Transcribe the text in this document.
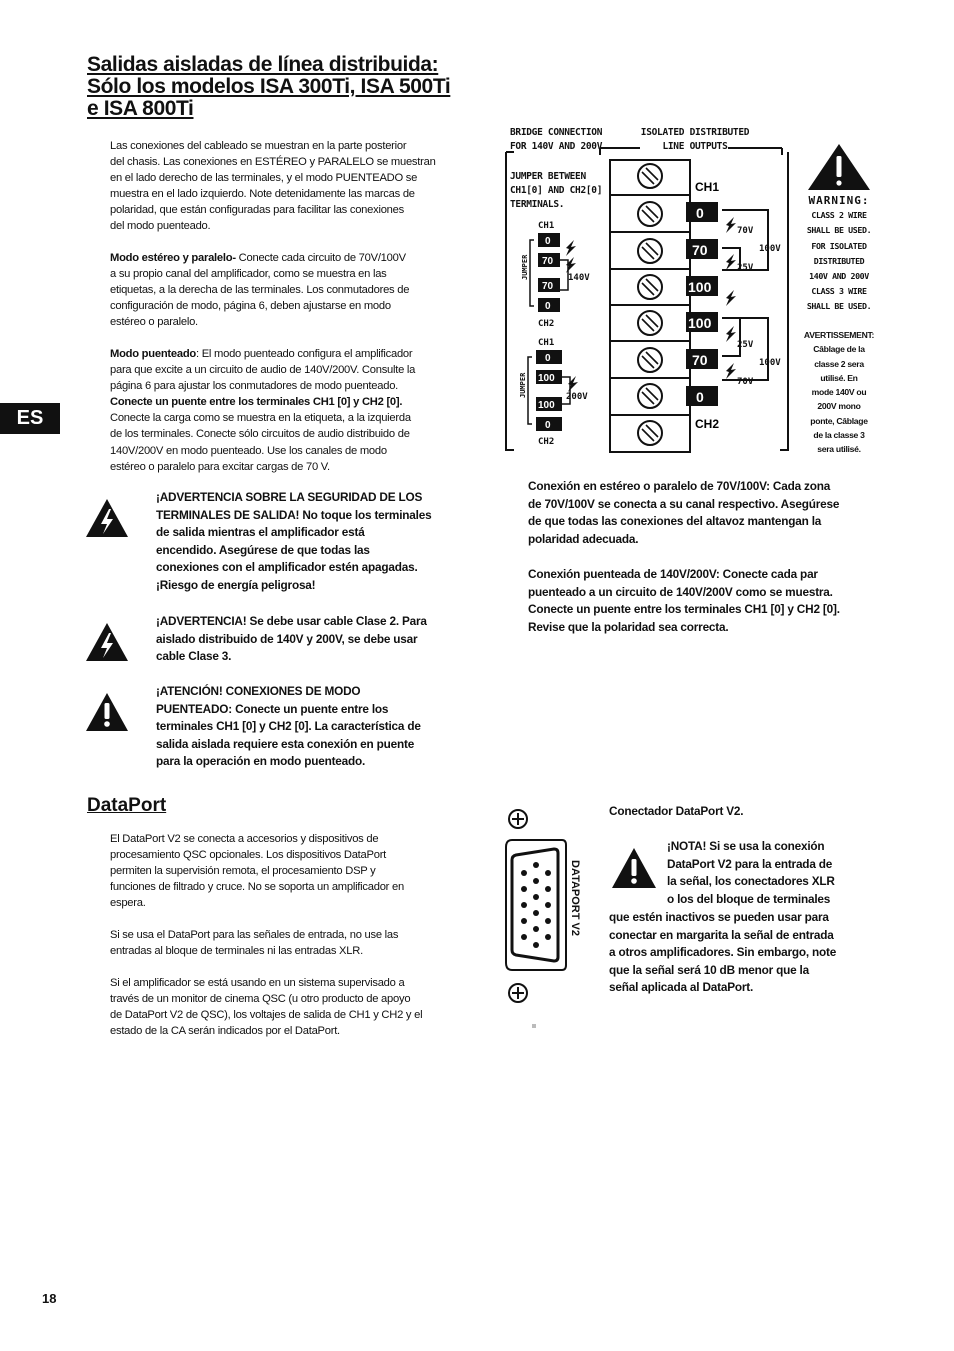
Salidas aisladas de línea distribuida:
Sólo los modelos ISA 300Ti, ISA 500Ti
e ISA 800Ti
Las conexiones del cableado se muestran en la parte posterior
del chasis. Las conexiones en ESTÉREO y PARALELO se muestran
en el lado derecho de las terminales, y el modo PUENTEADO se
muestra en el lado izquierdo. Note detenidamente las marcas de
polaridad, que están configuradas para facilitar las conexiones
del modo puenteado.
Modo estéreo y paralelo- Conecte cada circuito de 70V/100V
a su propio canal del amplificador, como se muestra en las
etiquetas, a la derecha de las terminales. Los conmutadores de
configuración de modo, página 6, deben ajustarse en modo
estéreo o paralelo.
Modo puenteado: El modo puenteado configura el amplificador
para que excite a un circuito de audio de 140V/200V. Consulte la
página 6 para ajustar los conmutadores de modo puenteado.
Conecte un puente entre los terminales CH1 [0] y CH2 [0].
Conecte la carga como se muestra en la etiqueta, a la izquierda
de los terminales. Conecte sólo circuitos de audio distribuido de
140V/200V en modo puenteado. Use los canales de modo
estéreo o paralelo para excitar cargas de 70 V.
ES
¡ADVERTENCIA SOBRE LA SEGURIDAD DE LOS
TERMINALES DE SALIDA! No toque los terminales
de salida mientras el amplificador está
encendido. Asegúrese de que todas las
conexiones con el amplificador estén apagadas.
¡Riesgo de energía peligrosa!
¡ADVERTENCIA! Se debe usar cable Clase 2. Para
aislado distribuido de 140V y 200V, se debe usar
cable Clase 3.
¡ATENCIÓN! CONEXIONES DE MODO
PUENTEADO: Conecte un puente entre los
terminales CH1 [0] y CH2 [0]. La característica de
salida aislada requiere esta conexión en puente
para la operación en modo puenteado.
0
70
100
100
70
0
CH1
CH2
70V
100V
25V
25V
100V
70V
0
70
70
0
0
100
100
0
CH1
CH2
CH1
CH2
140V
200V
JUMPER
JUMPER
BRIDGE CONNECTION
FOR 140V AND 200V
ISOLATED DISTRIBUTED
LINE OUTPUTS
JUMPER BETWEEN
CH1[0] AND CH2[0]
TERMINALS.	WARNING:
CLASS 2 WIRE
SHALL BE USED.
FOR ISOLATED
DISTRIBUTED
140V AND 200V
CLASS 3 WIRE
SHALL BE USED.
AVERTISSEMENT:
Câblage de la
classe 2 sera
utilisé. En
mode 140V ou
200V mono
ponte, Câblage
de la classe 3
sera utilisé.
Conexión en estéreo o paralelo de 70V/100V: Cada zona
de 70V/100V se conecta a su canal respectivo. Asegúrese
de que todas las conexiones del altavoz mantengan la
polaridad adecuada.
Conexión puenteada de 140V/200V: Conecte cada par
puenteado a un circuito de 140V/200V como se muestra.
Conecte un puente entre los terminales CH1 [0] y CH2 [0].
Revise que la polaridad sea correcta.
DataPort
El DataPort V2 se conecta a accesorios y dispositivos de
procesamiento QSC opcionales. Los dispositivos DataPort
permiten la supervisión remota, el procesamiento DSP y
funciones de filtrado y cruce. No se soporta un amplificador en
espera.
Si se usa el DataPort para las señales de entrada, no use las
entradas al bloque de terminales ni las entradas XLR.
Si el amplificador se está usando en un sistema supervisado a
través de un monitor de cinema QSC (u otro producto de apoyo
de DataPort V2 de QSC), los voltajes de salida de CH1 y CH2 y el
estado de la CA serán indicados por el DataPort.
DATAPORT V2
Conectador DataPort V2.
¡NOTA! Si se usa la conexión
DataPort V2 para la entrada de
la señal, los conectadores XLR
o los del bloque de terminales
que estén inactivos se pueden usar para
conectar en margarita la señal de entrada
a otros amplificadores. Sin embargo, note
que la señal será 10 dB menor que la
señal aplicada al DataPort.
18
